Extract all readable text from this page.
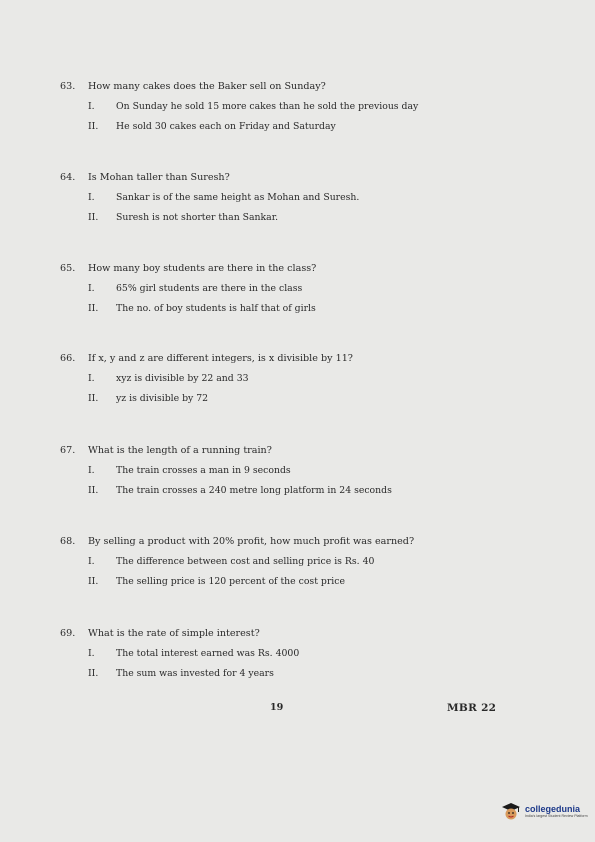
63.	How many cakes does the Baker sell on Sunday?
I.	On Sunday he sold 15 more cakes than he sold the previous day
II.	He sold 30 cakes each on Friday and Saturday
64.	Is Mohan taller than Suresh?
I.	Sankar is of the same height as Mohan and Suresh.
II.	Suresh is not shorter than Sankar.
65.	How many boy students are there in the class?
I.	65% girl students are there in the class
II.	The no. of boy students is half that of girls
66.	If x, y and z are different integers, is x divisible by 11?
I.	xyz is divisible by 22 and 33
II.	yz is divisible by 72
67.	What is the length of a running train?
I.	The train crosses a man in 9 seconds
II.	The train crosses a 240 metre long platform in 24 seconds
68.	By selling a product with 20% profit, how much profit was earned?
I.	The difference between cost and selling price is Rs. 40
II.	The selling price is 120 percent of the cost price
69.	What is the rate of simple interest?
I.	The total interest earned was Rs. 4000
II.	The sum was invested for 4 years
19	MBR 22
collegedunia
India's largest Student Review Platform
